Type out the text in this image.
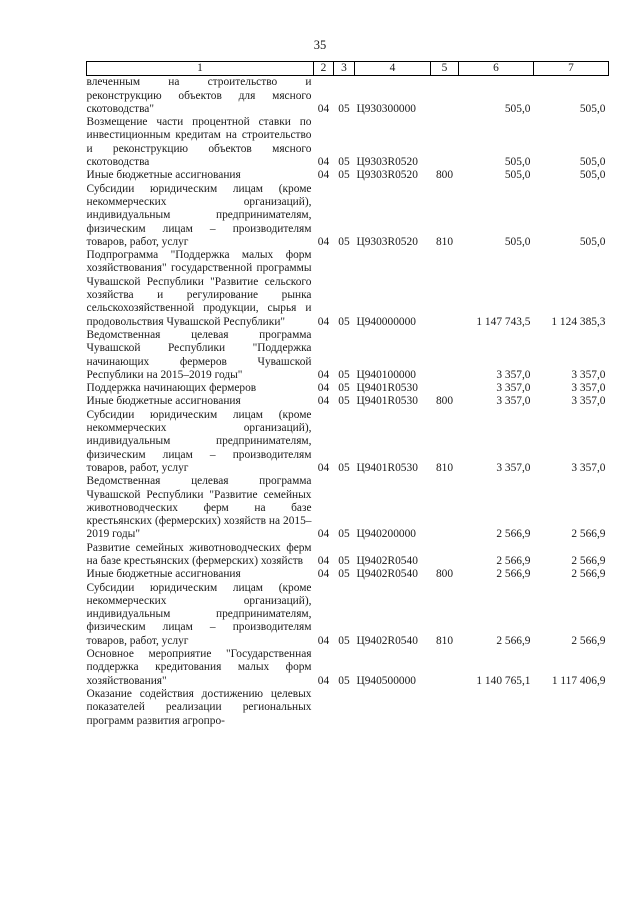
35
1	2	3	4	5	6	7
влеченным на строительство и реконструкцию объектов для мясного скотоводства"	04	05	Ц930300000		505,0	505,0
Возмещение части процентной ставки по инвестиционным кредитам на строительство и реконструкцию объектов мясного скотоводства	04	05	Ц9303R0520		505,0	505,0
Иные бюджетные ассигнования	04	05	Ц9303R0520	800	505,0	505,0
Субсидии юридическим лицам (кроме некоммерческих организаций), индивидуальным предпринимателям, физическим лицам – производителям товаров, работ, услуг	04	05	Ц9303R0520	810	505,0	505,0
Подпрограмма "Поддержка малых форм хозяйствования" государственной программы Чувашской Республики "Развитие сельского хозяйства и регулирование рынка сельскохозяйственной продукции, сырья и продовольствия Чувашской Республики"	04	05	Ц940000000		1 147 743,5	1 124 385,3
Ведомственная целевая программа Чувашской Республики "Поддержка начинающих фермеров Чувашской Республики на 2015–2019 годы"	04	05	Ц940100000		3 357,0	3 357,0
Поддержка начинающих фермеров	04	05	Ц9401R0530		3 357,0	3 357,0
Иные бюджетные ассигнования	04	05	Ц9401R0530	800	3 357,0	3 357,0
Субсидии юридическим лицам (кроме некоммерческих организаций), индивидуальным предпринимателям, физическим лицам – производителям товаров, работ, услуг	04	05	Ц9401R0530	810	3 357,0	3 357,0
Ведомственная целевая программа Чувашской Республики "Развитие семейных животноводческих ферм на базе крестьянских (фермерских) хозяйств на 2015–2019 годы"	04	05	Ц940200000		2 566,9	2 566,9
Развитие семейных животноводческих ферм на базе крестьянских (фермерских) хозяйств	04	05	Ц9402R0540		2 566,9	2 566,9
Иные бюджетные ассигнования	04	05	Ц9402R0540	800	2 566,9	2 566,9
Субсидии юридическим лицам (кроме некоммерческих организаций), индивидуальным предпринимателям, физическим лицам – производителям товаров, работ, услуг	04	05	Ц9402R0540	810	2 566,9	2 566,9
Основное мероприятие "Государственная поддержка кредитования малых форм хозяйствования"	04	05	Ц940500000		1 140 765,1	1 117 406,9
Оказание содействия достижению целевых показателей реализации региональных программ развития агропро-						
